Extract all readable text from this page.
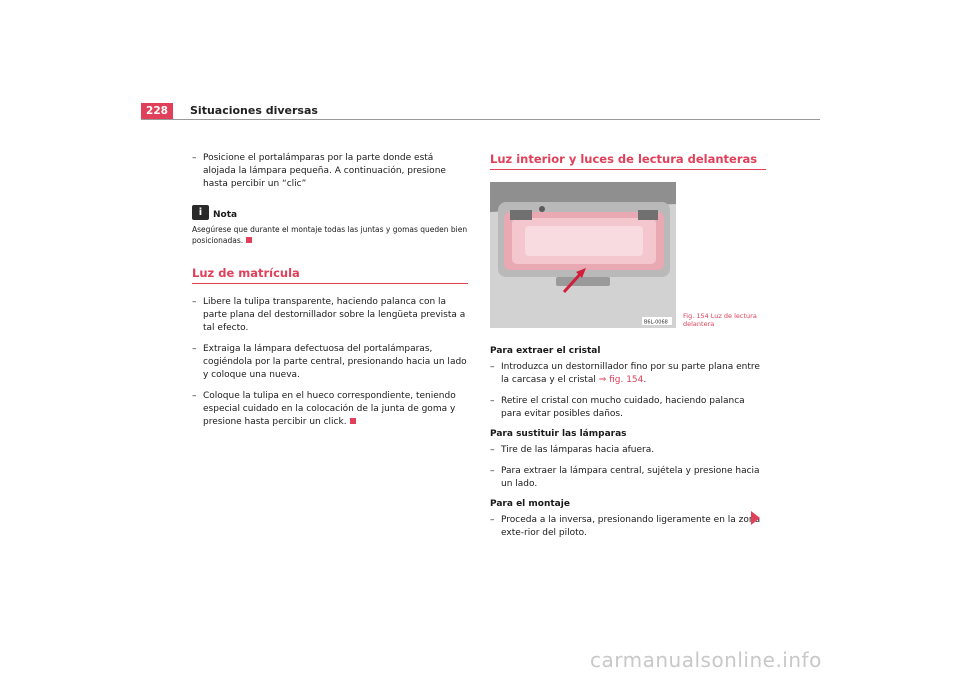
228	Situaciones diversas

– Posicione el portalámparas por la parte donde está alojada la lámpara pequeña. A continuación, presione hasta percibir un “clic”

i	Nota

Asegúrese que durante el montaje todas las juntas y gomas queden bien posicionadas.

Luz de matrícula

– Libere la tulipa transparente, haciendo palanca con la parte plana del destornillador sobre la lengüeta prevista a tal efecto.

– Extraiga la lámpara defectuosa del portalámparas, cogiéndola por la parte central, presionando hacia un lado y coloque una nueva.

– Coloque la tulipa en el hueco correspondiente, teniendo especial cuidado en la colocación de la junta de goma y presione hasta percibir un click.

Luz interior y luces de lectura delanteras
B6L-0068
Fig. 154 Luz de lectura delantera

Para extraer el cristal

– Introduzca un destornillador fino por su parte plana entre la carcasa y el cristal ⇒ fig. 154.

– Retire el cristal con mucho cuidado, haciendo palanca para evitar posibles daños.

Para sustituir las lámparas

– Tire de las lámparas hacia afuera.

– Para extraer la lámpara central, sujétela y presione hacia un lado.

Para el montaje

– Proceda a la inversa, presionando ligeramente en la zona exte-rior del piloto.

carmanualsonline.info
